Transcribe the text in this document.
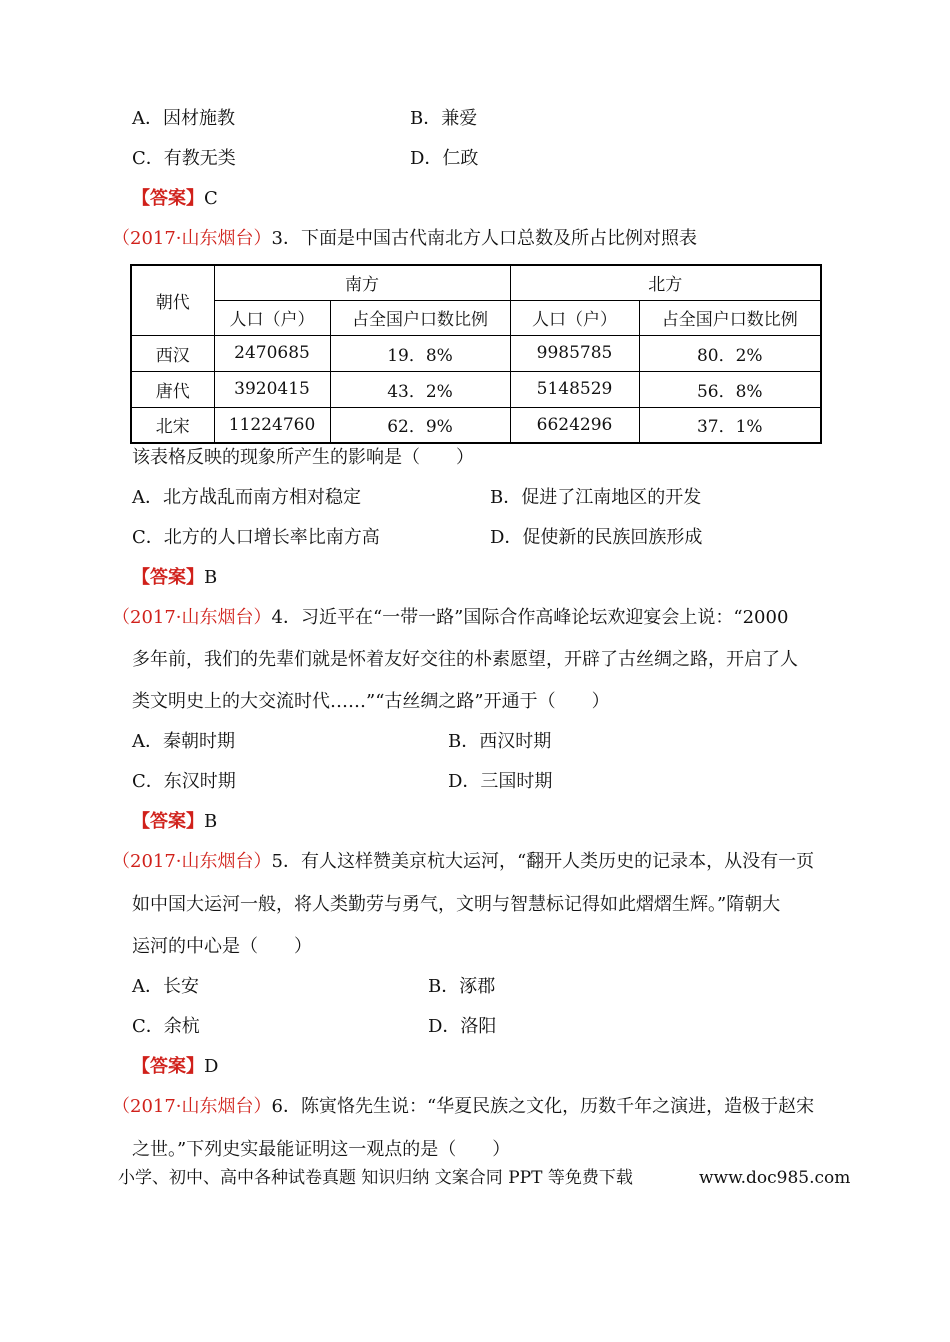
A．因材施教	B．兼爱
C．有教无类	D．仁政
【答案】C
（2017·山东烟台）3．下面是中国古代南北方人口总数及所占比例对照表
朝代	南方		北方	
	人口（户）	占全国户口数比例	人口（户）	占全国户口数比例
西汉	2470685	19．8%	9985785	80．2%
唐代	3920415	43．2%	5148529	56．8%
北宋	11224760	62．9%	6624296	37．1%
该表格反映的现象所产生的影响是（　　）
A．北方战乱而南方相对稳定	B．促进了江南地区的开发
C．北方的人口增长率比南方高	D．促使新的民族回族形成
【答案】B
（2017·山东烟台）4．习近平在“一带一路”国际合作高峰论坛欢迎宴会上说：“2000
多年前，我们的先辈们就是怀着友好交往的朴素愿望，开辟了古丝绸之路，开启了人
类文明史上的大交流时代……”“古丝绸之路”开通于（　　）
A．秦朝时期	B．西汉时期
C．东汉时期	D．三国时期
【答案】B
（2017·山东烟台）5．有人这样赞美京杭大运河，“翻开人类历史的记录本，从没有一页
如中国大运河一般，将人类勤劳与勇气，文明与智慧标记得如此熠熠生辉。”隋朝大
运河的中心是（　　）
A．长安	B．涿郡
C．余杭	D．洛阳
【答案】D
（2017·山东烟台）6．陈寅恪先生说：“华夏民族之文化，历数千年之演进，造极于赵宋
之世。”下列史实最能证明这一观点的是（　　）
小学、初中、高中各种试卷真题 知识归纳 文案合同 PPT 等免费下载	www.doc985.com
